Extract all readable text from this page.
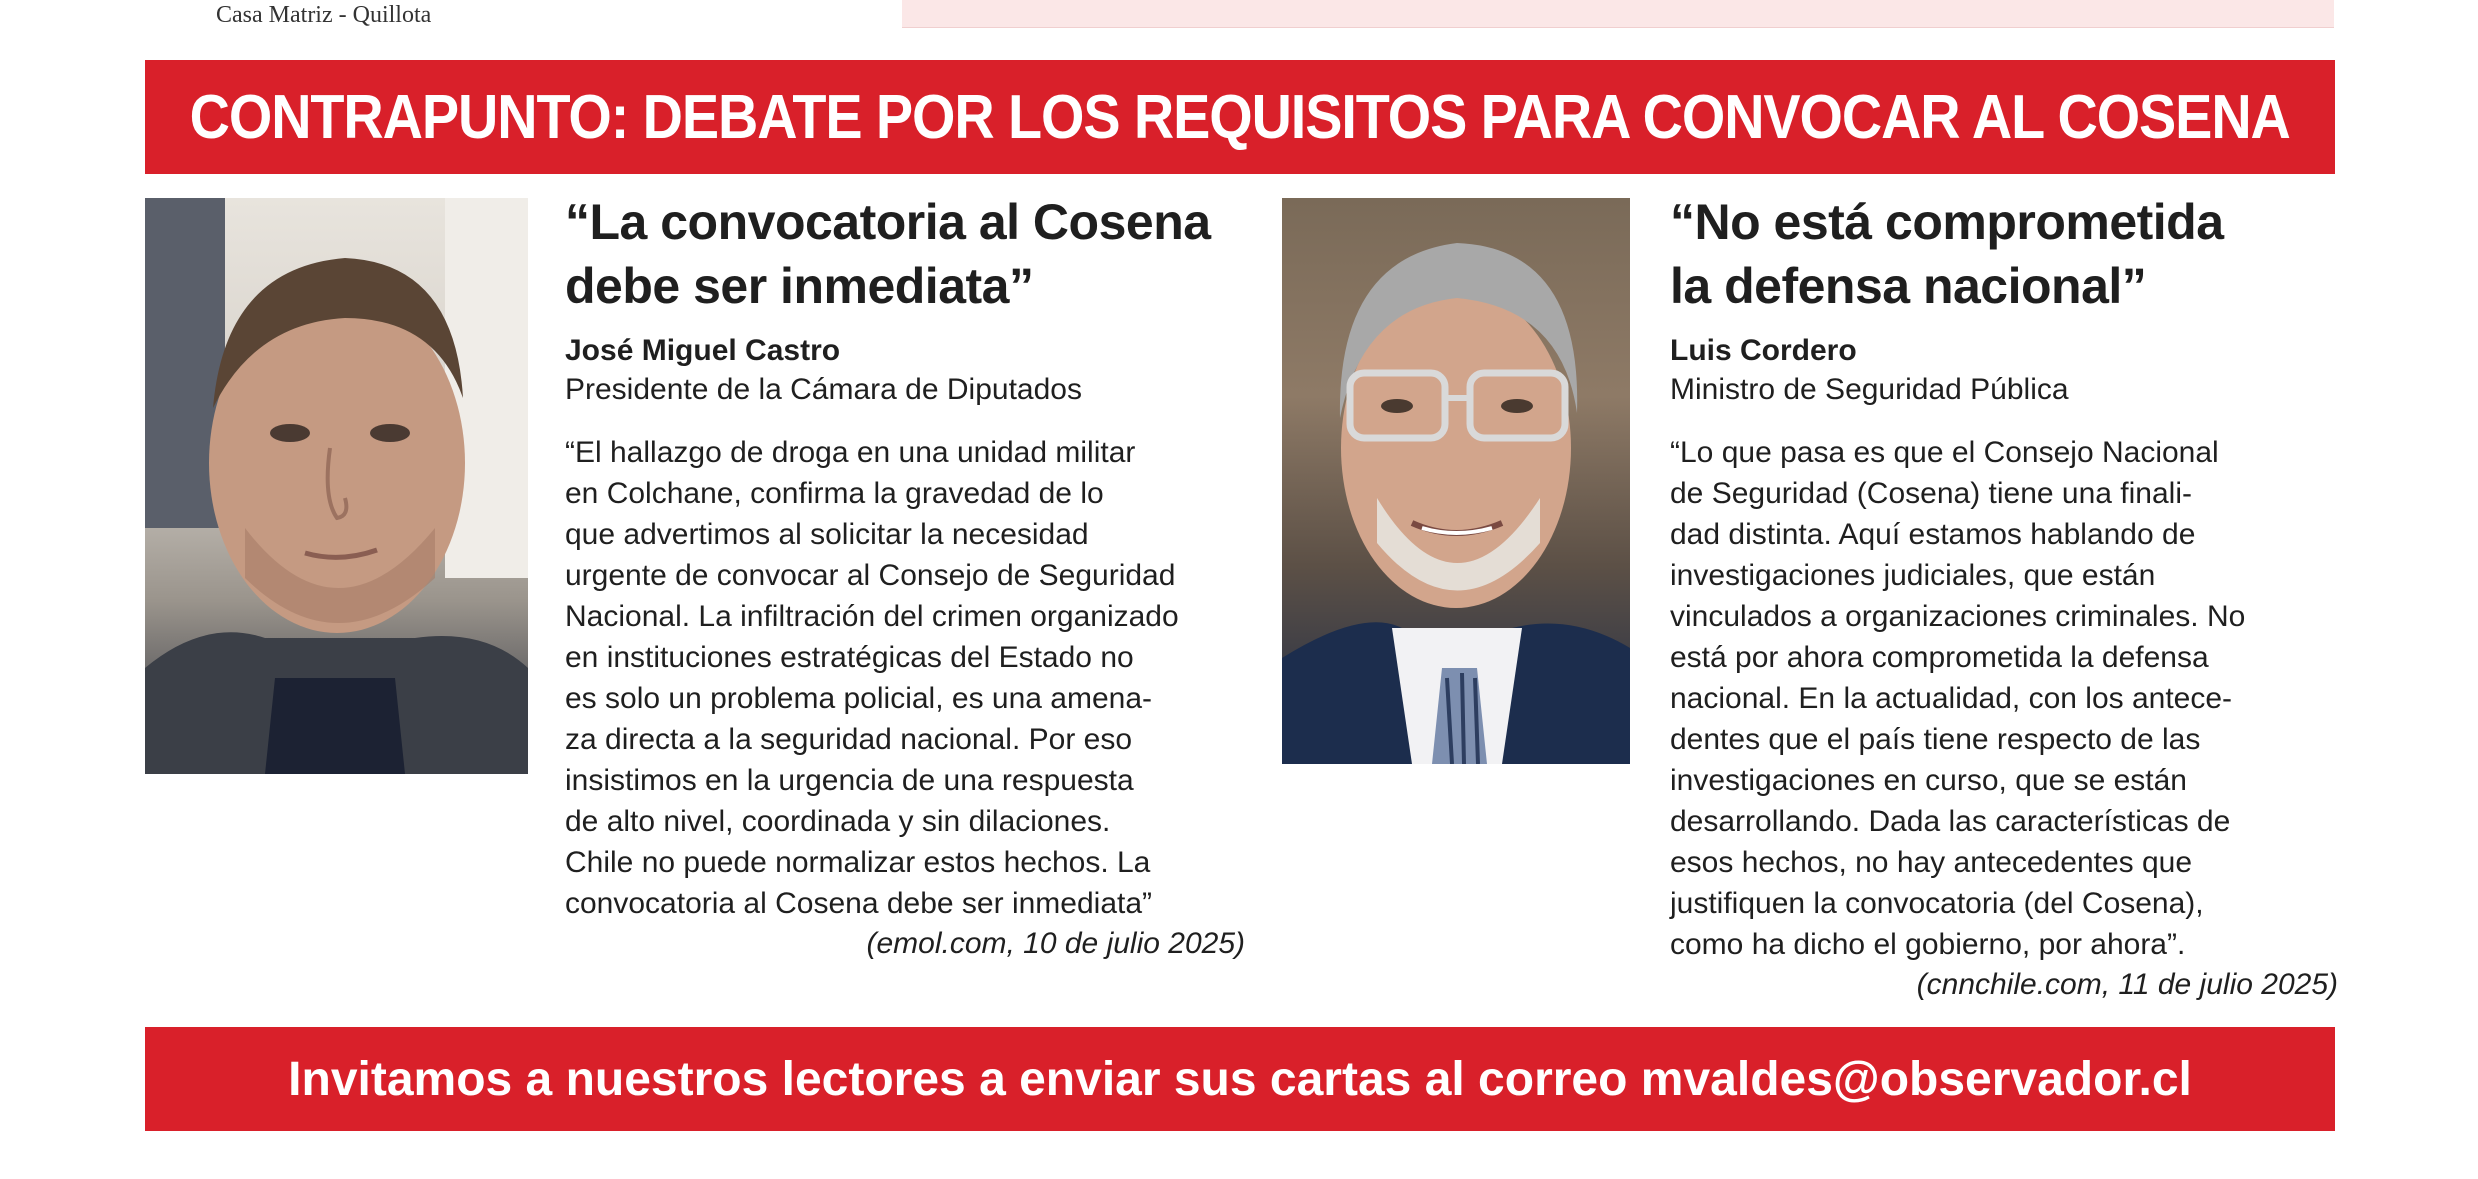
Casa Matriz - Quillota
CONTRAPUNTO: DEBATE POR LOS REQUISITOS PARA CONVOCAR AL COSENA
“La convocatoria al Cosena
debe ser inmediata”
José Miguel Castro
Presidente de la Cámara de Diputados
“El hallazgo de droga en una unidad militar
en Colchane, confirma la gravedad de lo
que advertimos al solicitar la necesidad
urgente de convocar al Consejo de Seguridad
Nacional. La infiltración del crimen organizado
en instituciones estratégicas del Estado no
es solo un problema policial, es una amena-
za directa a la seguridad nacional. Por eso
insistimos en la urgencia de una respuesta
de alto nivel, coordinada y sin dilaciones.
Chile no puede normalizar estos hechos. La
convocatoria al Cosena debe ser inmediata”
(emol.com, 10 de julio 2025)
“No está comprometida
la defensa nacional”
Luis Cordero
Ministro de Seguridad Pública
“Lo que pasa es que el Consejo Nacional
de Seguridad (Cosena) tiene una finali-
dad distinta. Aquí estamos hablando de
investigaciones judiciales, que están
vinculados a organizaciones criminales. No
está por ahora comprometida la defensa
nacional. En la actualidad, con los antece-
dentes que el país tiene respecto de las
investigaciones en curso, que se están
desarrollando. Dada las características de
esos hechos, no hay antecedentes que
justifiquen la convocatoria (del Cosena),
como ha dicho el gobierno, por ahora”.
(cnnchile.com, 11 de julio 2025)
Invitamos a nuestros lectores a enviar sus cartas al correo mvaldes@observador.cl
